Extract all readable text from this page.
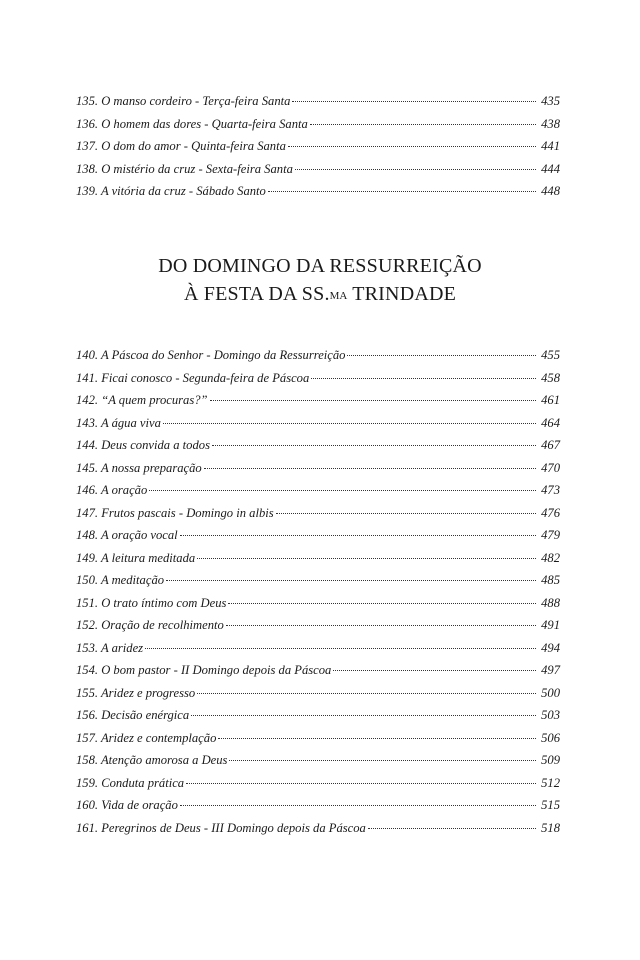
135. O manso cordeiro - Terça-feira Santa	435
136. O homem das dores - Quarta-feira Santa	438
137. O dom do amor - Quinta-feira Santa	441
138. O mistério da cruz - Sexta-feira Santa	444
139. A vitória da cruz - Sábado Santo	448
DO DOMINGO DA RESSURREIÇÃO
À FESTA DA SS.$^{MA}$ TRINDADE
140. A Páscoa do Senhor - Domingo da Ressurreição	455
141. Ficai conosco - Segunda-feira de Páscoa	458
142. “A quem procuras?”	461
143. A água viva	464
144. Deus convida a todos	467
145. A nossa preparação	470
146. A oração	473
147. Frutos pascais - Domingo in albis	476
148. A oração vocal	479
149. A leitura meditada	482
150. A meditação	485
151. O trato íntimo com Deus	488
152. Oração de recolhimento	491
153. A aridez	494
154. O bom pastor - II Domingo depois da Páscoa	497
155. Aridez e progresso	500
156. Decisão enérgica	503
157. Aridez e contemplação	506
158. Atenção amorosa a Deus	509
159. Conduta prática	512
160. Vida de oração	515
161. Peregrinos de Deus - III Domingo depois da Páscoa	518
